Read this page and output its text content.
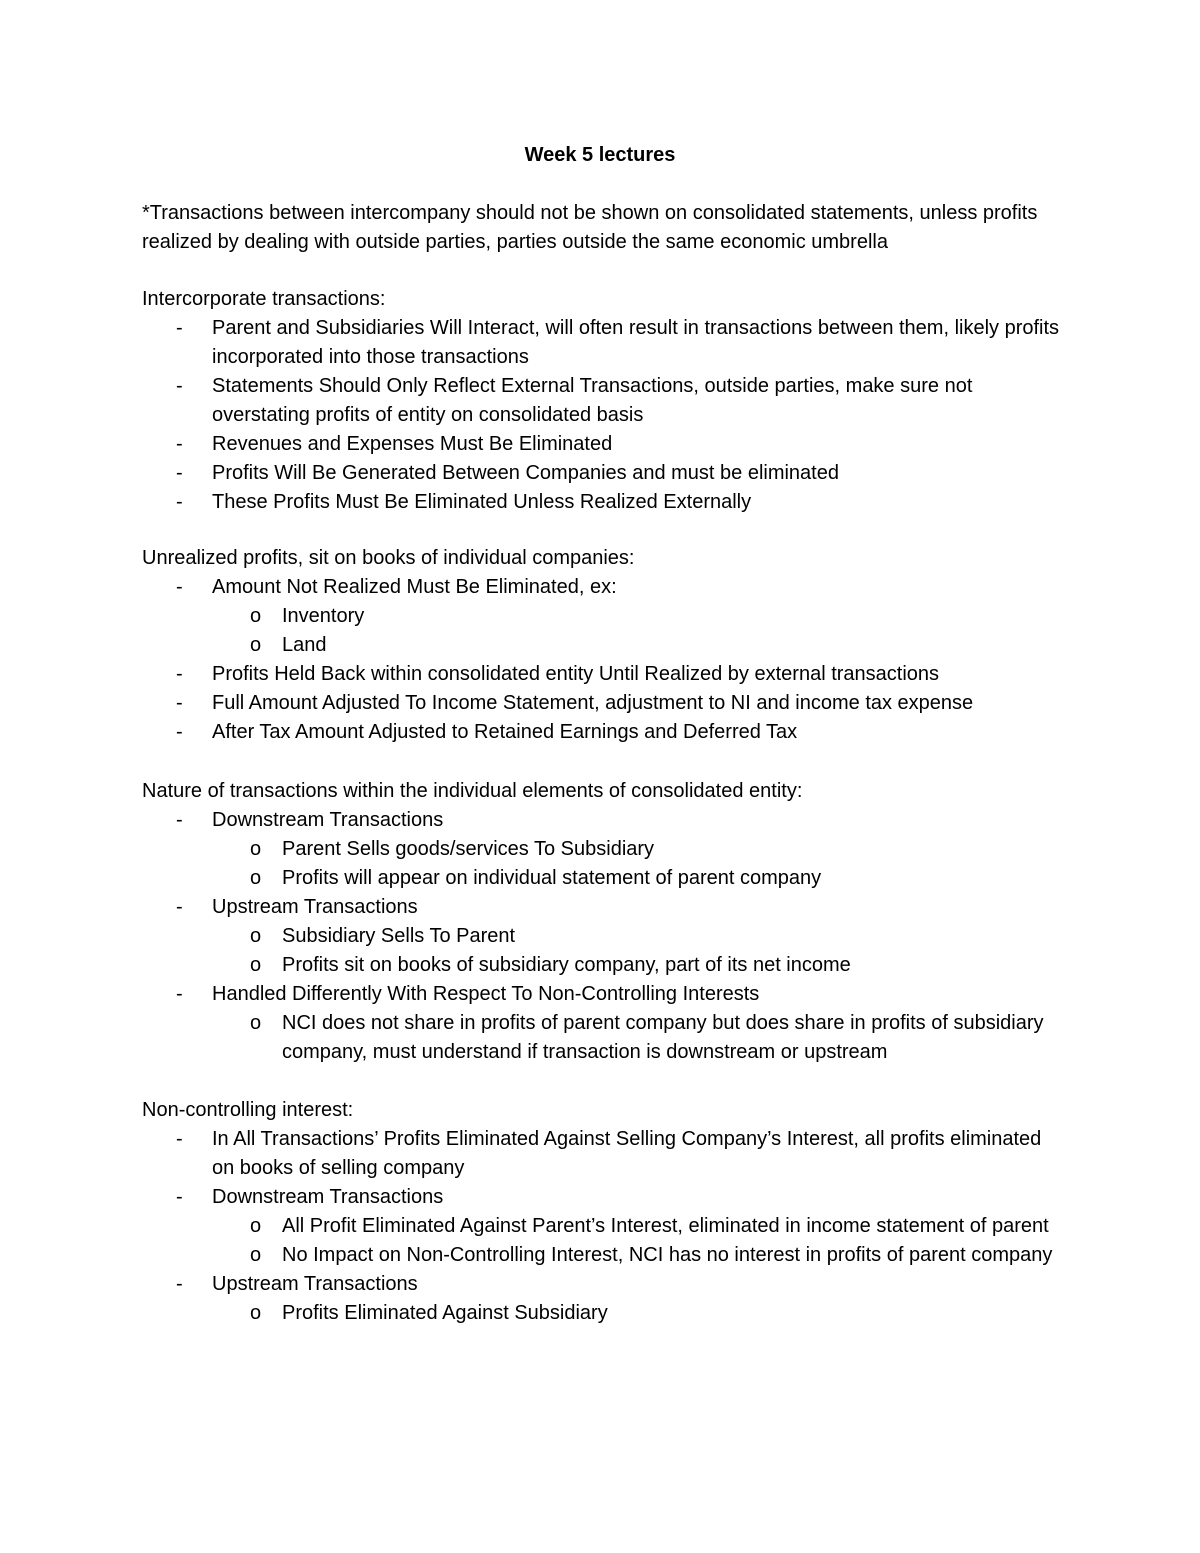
Week 5 lectures

*Transactions between intercompany should not be shown on consolidated statements, unless profits realized by dealing with outside parties, parties outside the same economic umbrella

Intercorporate transactions:

- Parent and Subsidiaries Will Interact, will often result in transactions between them, likely profits incorporated into those transactions
- Statements Should Only Reflect External Transactions, outside parties, make sure not overstating profits of entity on consolidated basis
- Revenues and Expenses Must Be Eliminated
- Profits Will Be Generated Between Companies and must be eliminated
- These Profits Must Be Eliminated Unless Realized Externally

Unrealized profits, sit on books of individual companies:

- Amount Not Realized Must Be Eliminated, ex:
o Inventory
o Land
- Profits Held Back within consolidated entity Until Realized by external transactions
- Full Amount Adjusted To Income Statement, adjustment to NI and income tax expense
- After Tax Amount Adjusted to Retained Earnings and Deferred Tax

Nature of transactions within the individual elements of consolidated entity:

- Downstream Transactions
o Parent Sells goods/services To Subsidiary
o Profits will appear on individual statement of parent company
- Upstream Transactions
o Subsidiary Sells To Parent
o Profits sit on books of subsidiary company, part of its net income
- Handled Differently With Respect To Non-Controlling Interests
o NCI does not share in profits of parent company but does share in profits of subsidiary company, must understand if transaction is downstream or upstream

Non-controlling interest:

- In All Transactions’ Profits Eliminated Against Selling Company’s Interest, all profits eliminated on books of selling company
- Downstream Transactions
o All Profit Eliminated Against Parent’s Interest, eliminated in income statement of parent
o No Impact on Non-Controlling Interest, NCI has no interest in profits of parent company
- Upstream Transactions
o Profits Eliminated Against Subsidiary
